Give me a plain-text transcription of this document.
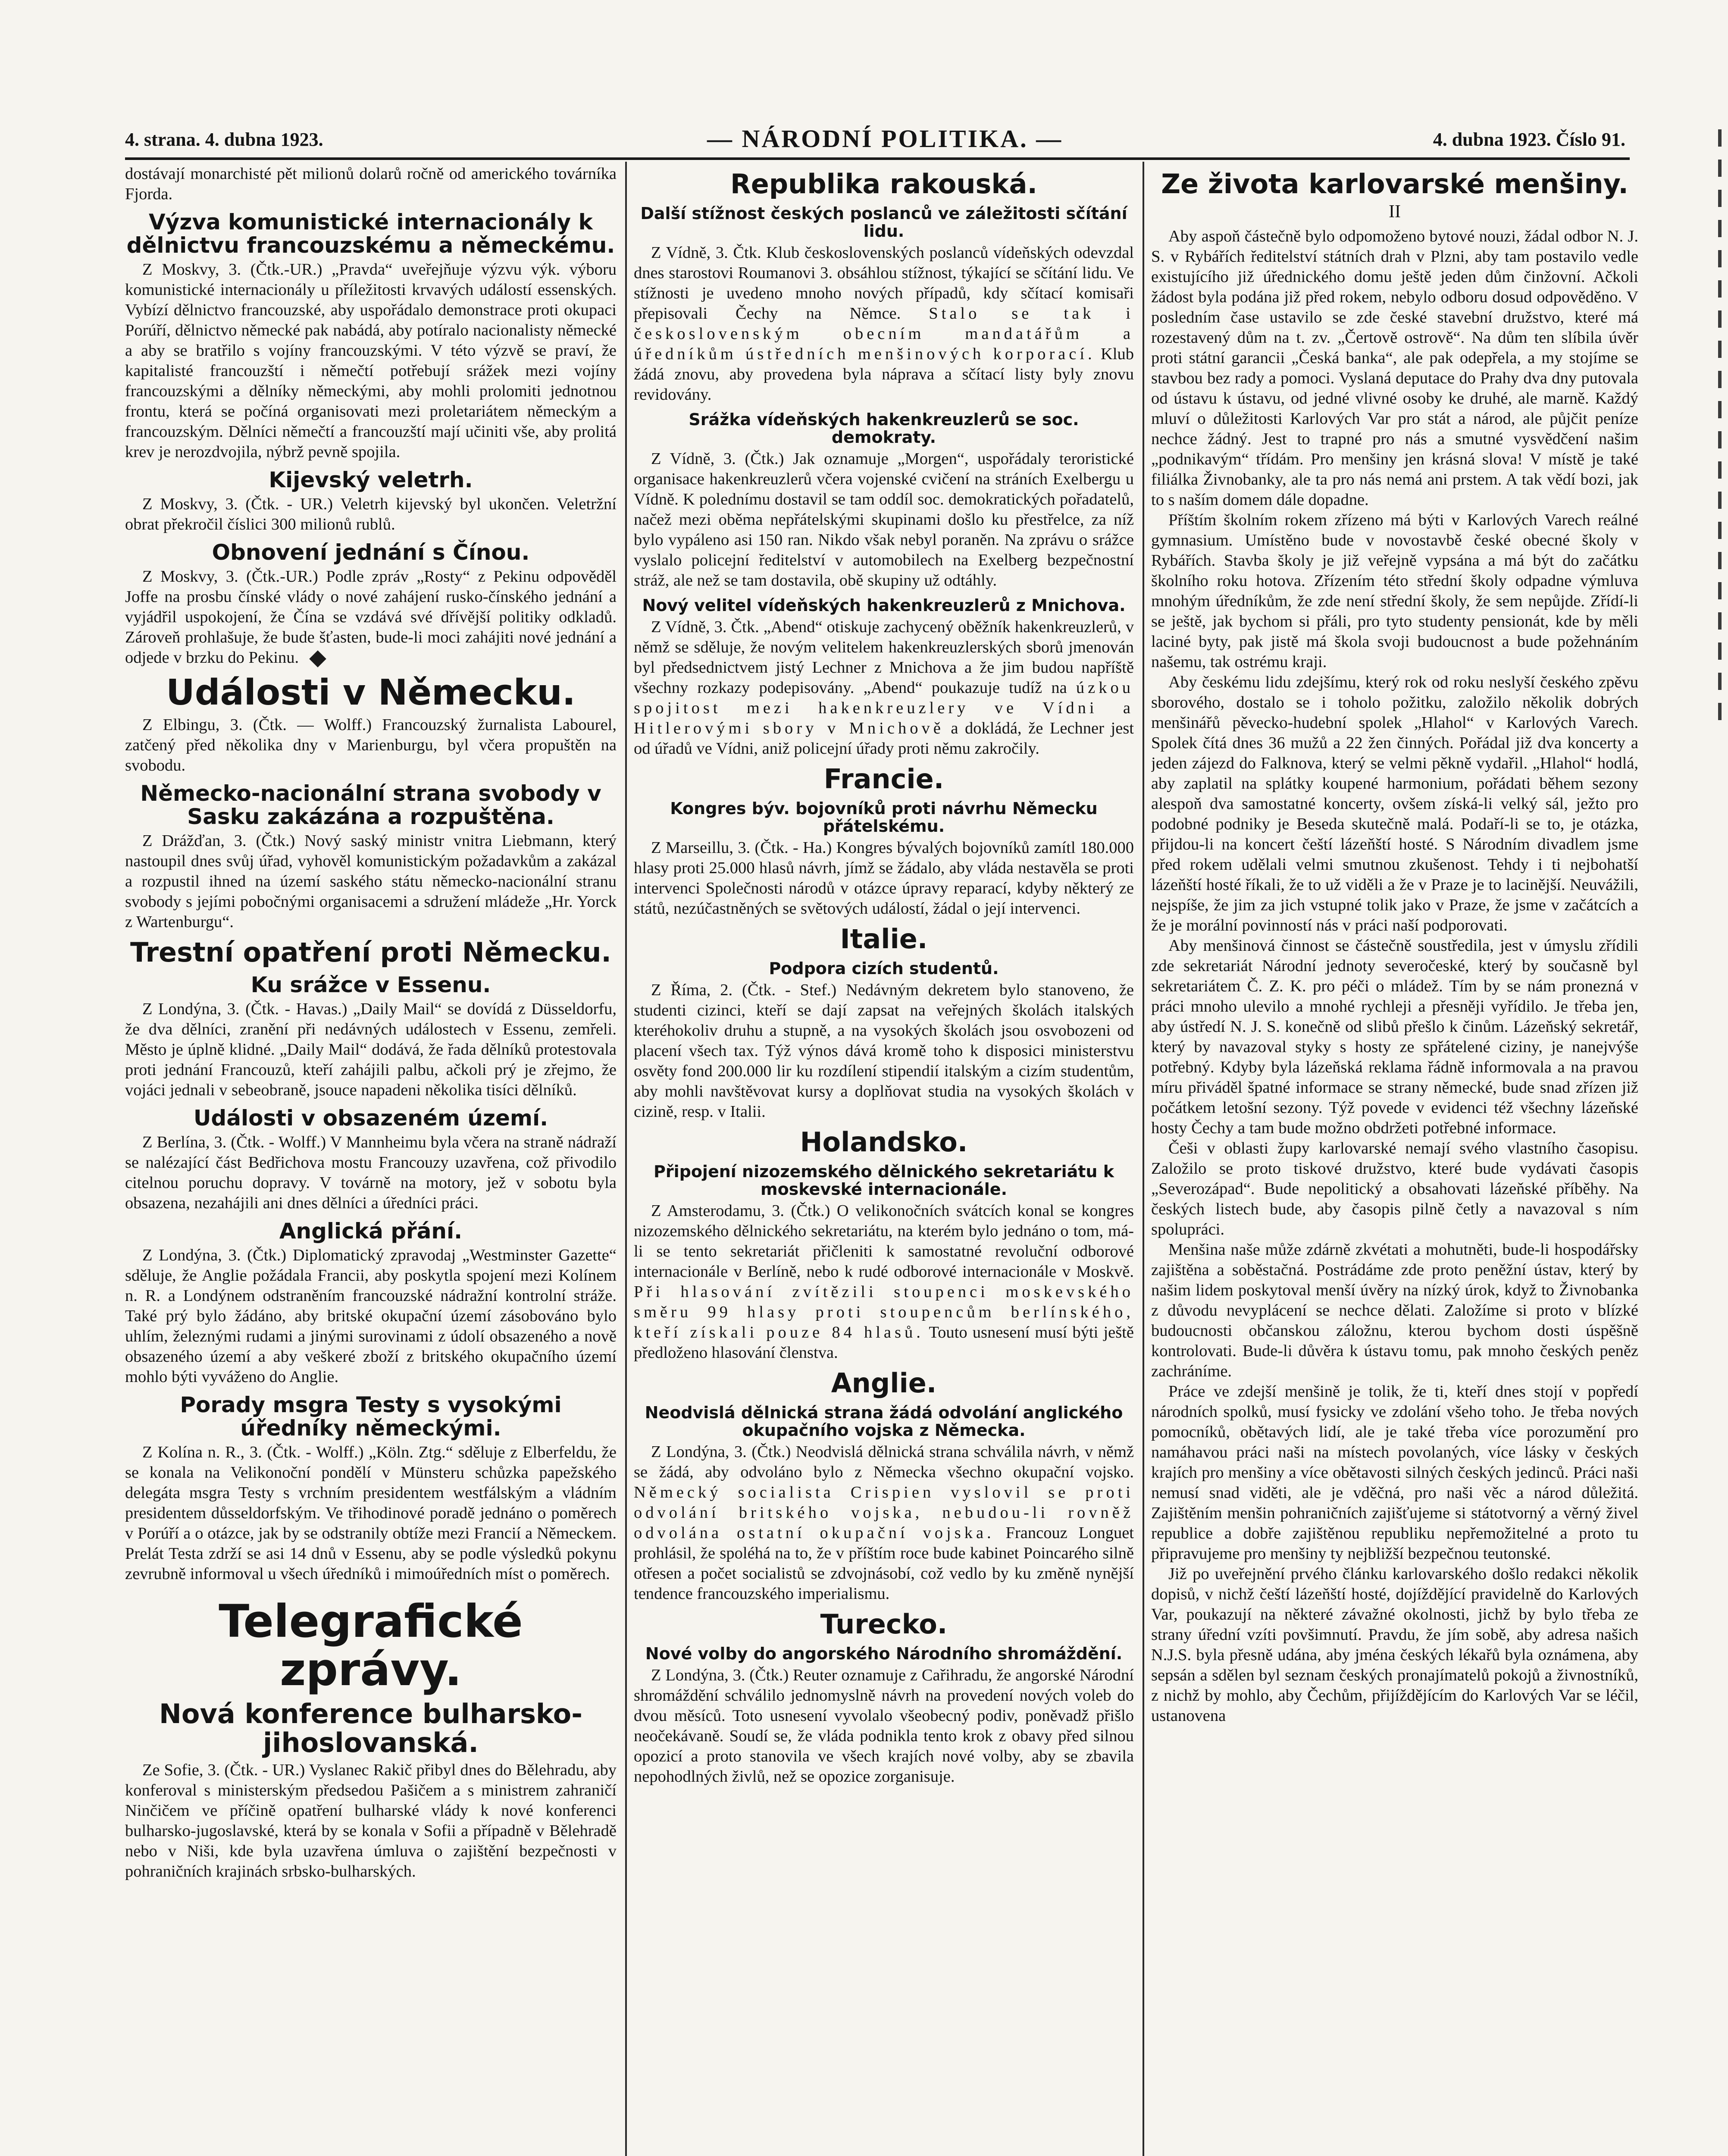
4. strana. 4. dubna 1923.	— NÁRODNÍ POLITIKA. —	4. dubna 1923. Číslo 91.

dostávají monarchisté pět milionů dolarů ročně od amerického továrníka Fjorda.

Výzva komunistické internacionály k dělnictvu francouzskému a německému.

Z Moskvy, 3. (Čtk.-UR.) „Pravda“ uveřejňuje výzvu výk. výboru komunistické internacionály u příležitosti krvavých událostí essenských. Vybízí dělnictvo francouzské, aby uspořádalo demonstrace proti okupaci Porúří, dělnictvo německé pak nabádá, aby potíralo nacionalisty německé a aby se bratřilo s vojíny francouzskými. V této výzvě se praví, že kapitalisté francouzští i němečtí potřebují srážek mezi vojíny francouzskými a dělníky německými, aby mohli prolomiti jednotnou frontu, která se počíná organisovati mezi proletariátem německým a francouzským. Dělníci němečtí a francouzští mají učiniti vše, aby prolitá krev je nerozdvojila, nýbrž pevně spojila.

Kijevský veletrh.

Z Moskvy, 3. (Čtk. - UR.) Veletrh kijevský byl ukončen. Veletržní obrat překročil číslici 300 milionů rublů.

Obnovení jednání s Čínou.

Z Moskvy, 3. (Čtk.-UR.) Podle zpráv „Rosty“ z Pekinu odpověděl Joffe na prosbu čínské vlády o nové zahájení rusko-čínského jednání a vyjádřil uspokojení, že Čína se vzdává své dřívější politiky odkladů. Zároveň prohlašuje, že bude šťasten, bude-li moci zahájiti nové jednání a odjede v brzku do Pekinu.

Události v Německu.

Z Elbingu, 3. (Čtk. — Wolff.) Francouzský žurnalista Labourel, zatčený před několika dny v Marienburgu, byl včera propuštěn na svobodu.

Německo-nacionální strana svobody v Sasku zakázána a rozpuštěna.

Z Drážďan, 3. (Čtk.) Nový saský ministr vnitra Liebmann, který nastoupil dnes svůj úřad, vyhověl komunistickým požadavkům a zakázal a rozpustil ihned na území saského státu německo-nacionální stranu svobody s jejími pobočnými organisacemi a sdružení mládeže „Hr. Yorck z Wartenburgu“.

Trestní opatření proti Německu.
Ku srážce v Essenu.

Z Londýna, 3. (Čtk. - Havas.) „Daily Mail“ se dovídá z Düsseldorfu, že dva dělníci, zranění při nedávných událostech v Essenu, zemřeli. Město je úplně klidné. „Daily Mail“ dodává, že řada dělníků protestovala proti jednání Francouzů, kteří zahájili palbu, ačkoli prý je zřejmo, že vojáci jednali v sebeobraně, jsouce napadeni několika tisíci dělníků.

Události v obsazeném území.

Z Berlína, 3. (Čtk. - Wolff.) V Mannheimu byla včera na straně nádraží se nalézající část Bedřichova mostu Francouzy uzavřena, což přivodilo citelnou poruchu dopravy. V továrně na motory, jež v sobotu byla obsazena, nezahájili ani dnes dělníci a úředníci práci.

Anglická přání.

Z Londýna, 3. (Čtk.) Diplomatický zpravodaj „Westminster Gazette“ sděluje, že Anglie požádala Francii, aby poskytla spojení mezi Kolínem n. R. a Londýnem odstraněním francouzské nádražní kontrolní stráže. Také prý bylo žádáno, aby britské okupační území zásobováno bylo uhlím, železnými rudami a jinými surovinami z údolí obsazeného a nově obsazeného území a aby veškeré zboží z britského okupačního území mohlo býti vyváženo do Anglie.

Porady msgra Testy s vysokými úředníky německými.

Z Kolína n. R., 3. (Čtk. - Wolff.) „Köln. Ztg.“ sděluje z Elberfeldu, že se konala na Velikonoční pondělí v Münsteru schůzka papežského delegáta msgra Testy s vrchním presidentem westfálským a vládním presidentem důsseldorfským. Ve třihodinové poradě jednáno o poměrech v Porúří a o otázce, jak by se odstranily obtíže mezi Francií a Německem. Prelát Testa zdrží se asi 14 dnů v Essenu, aby se podle výsledků pokynu zevrubně informoval u všech úředníků i mimoúředních míst o poměrech.

Telegrafické zprávy.
Nová konference bulharsko-jihoslovanská.

Ze Sofie, 3. (Čtk. - UR.) Vyslanec Rakič přibyl dnes do Bělehradu, aby konferoval s ministerským předsedou Pašičem a s ministrem zahraničí Ninčičem ve příčině opatření bulharské vlády k nové konferenci bulharsko-jugoslavské, která by se konala v Sofii a případně v Bělehradě nebo v Niši, kde byla uzavřena úmluva o zajištění bezpečnosti v pohraničních krajinách srbsko-bulharských.

Republika rakouská.
Další stížnost českých poslanců ve záležitosti sčítání lidu.

Z Vídně, 3. Čtk. Klub československých poslanců vídeňských odevzdal dnes starostovi Roumanovi 3. obsáhlou stížnost, týkající se sčítání lidu. Ve stížnosti je uvedeno mnoho nových případů, kdy sčítací komisaři přepisovali Čechy na Němce. Stalo se tak i československým obecním mandatářům a úředníkům ústředních menšinových korporací. Klub žádá znovu, aby provedena byla náprava a sčítací listy byly znovu revidovány.

Srážka vídeňských hakenkreuzlerů se soc. demokraty.

Z Vídně, 3. (Čtk.) Jak oznamuje „Morgen“, uspořádaly teroristické organisace hakenkreuzlerů včera vojenské cvičení na stráních Exelbergu u Vídně. K polednímu dostavil se tam oddíl soc. demokratických pořadatelů, načež mezi oběma nepřátelskými skupinami došlo ku přestřelce, za níž bylo vypáleno asi 150 ran. Nikdo však nebyl poraněn. Na zprávu o srážce vyslalo policejní ředitelství v automobilech na Exelberg bezpečnostní stráž, ale než se tam dostavila, obě skupiny už odtáhly.

Nový velitel vídeňských hakenkreuzlerů z Mnichova.

Z Vídně, 3. Čtk. „Abend“ otiskuje zachycený oběžník hakenkreuzlerů, v němž se sděluje, že novým velitelem hakenkreuzlerských sborů jmenován byl předsednictvem jistý Lechner z Mnichova a že jim budou napříště všechny rozkazy podepisovány. „Abend“ poukazuje tudíž na úzkou spojitost mezi hakenkreuzlery ve Vídni a Hitlerovými sbory v Mnichově a dokládá, že Lechner jest od úřadů ve Vídni, aniž policejní úřady proti němu zakročily.

Francie.
Kongres býv. bojovníků proti návrhu Německu přátelskému.

Z Marseillu, 3. (Čtk. - Ha.) Kongres bývalých bojovníků zamítl 180.000 hlasy proti 25.000 hlasů návrh, jímž se žádalo, aby vláda nestavěla se proti intervenci Společnosti národů v otázce úpravy reparací, kdyby některý ze států, nezúčastněných se světových událostí, žádal o její intervenci.

Italie.
Podpora cizích studentů.

Z Říma, 2. (Čtk. - Stef.) Nedávným dekretem bylo stanoveno, že studenti cizinci, kteří se dají zapsat na veřejných školách italských kteréhokoliv druhu a stupně, a na vysokých školách jsou osvobozeni od placení všech tax. Týž výnos dává kromě toho k disposici ministerstvu osvěty fond 200.000 lir ku rozdílení stipendií italským a cizím studentům, aby mohli navštěvovat kursy a doplňovat studia na vysokých školách v cizině, resp. v Italii.

Holandsko.
Připojení nizozemského dělnického sekretariátu k moskevské internacionále.

Z Amsterodamu, 3. (Čtk.) O velikonočních svátcích konal se kongres nizozemského dělnického sekretariátu, na kterém bylo jednáno o tom, má-li se tento sekretariát přičleniti k samostatné revoluční odborové internacionále v Berlíně, nebo k rudé odborové internacionále v Moskvě. Při hlasování zvítězili stoupenci moskevského směru 99 hlasy proti stoupencům berlínského, kteří získali pouze 84 hlasů. Touto usnesení musí býti ještě předloženo hlasování členstva.

Anglie.
Neodvislá dělnická strana žádá odvolání anglického okupačního vojska z Německa.

Z Londýna, 3. (Čtk.) Neodvislá dělnická strana schválila návrh, v němž se žádá, aby odvoláno bylo z Německa všechno okupační vojsko. Německý socialista Crispien vyslovil se proti odvolání britského vojska, nebudou-li rovněž odvolána ostatní okupační vojska. Francouz Longuet prohlásil, že spoléhá na to, že v příštím roce bude kabinet Poincarého silně otřesen a počet socialistů se zdvojnásobí, což vedlo by ku změně nynější tendence francouzského imperialismu.

Turecko.
Nové volby do angorského Národního shromáždění.

Z Londýna, 3. (Čtk.) Reuter oznamuje z Cařihradu, že angorské Národní shromáždění schválilo jednomyslně návrh na provedení nových voleb do dvou měsíců. Toto usnesení vyvolalo všeobecný podiv, poněvadž přišlo neočekávaně. Soudí se, že vláda podnikla tento krok z obavy před silnou opozicí a proto stanovila ve všech krajích nové volby, aby se zbavila nepohodlných živlů, než se opozice zorganisuje.

Ze života karlovarské menšiny.
II

Aby aspoň částečně bylo odpomoženo bytové nouzi, žádal odbor N. J. S. v Rybářích ředitelství státních drah v Plzni, aby tam postavilo vedle existujícího již úřednického domu ještě jeden dům činžovní. Ačkoli žádost byla podána již před rokem, nebylo odboru dosud odpověděno. V posledním čase ustavilo se zde české stavební družstvo, které má rozestavený dům na t. zv. „Čertově ostrově“. Na dům ten slíbila úvěr proti státní garancii „Česká banka“, ale pak odepřela, a my stojíme se stavbou bez rady a pomoci. Vyslaná deputace do Prahy dva dny putovala od ústavu k ústavu, od jedné vlivné osoby ke druhé, ale marně. Každý mluví o důležitosti Karlových Var pro stát a národ, ale půjčit peníze nechce žádný. Jest to trapné pro nás a smutné vysvědčení našim „podnikavým“ třídám. Pro menšiny jen krásná slova! V místě je také filiálka Živnobanky, ale ta pro nás nemá ani prstem. A tak vědí bozi, jak to s naším domem dále dopadne.

Příštím školním rokem zřízeno má býti v Karlových Varech reálné gymnasium. Umístěno bude v novostavbě české obecné školy v Rybářích. Stavba školy je již veřejně vypsána a má být do začátku školního roku hotova. Zřízením této střední školy odpadne výmluva mnohým úředníkům, že zde není střední školy, že sem nepůjde. Zřídí-li se ještě, jak bychom si přáli, pro tyto studenty pensionát, kde by měli laciné byty, pak jistě má škola svoji budoucnost a bude požehnáním našemu, tak ostrému kraji.

Aby českému lidu zdejšímu, který rok od roku neslyší českého zpěvu sborového, dostalo se i toholo požitku, založilo několik dobrých menšinářů pěvecko-hudební spolek „Hlahol“ v Karlových Varech. Spolek čítá dnes 36 mužů a 22 žen činných. Pořádal již dva koncerty a jeden zájezd do Falknova, který se velmi pěkně vydařil. „Hlahol“ hodlá, aby zaplatil na splátky koupené harmonium, pořádati během sezony alespoň dva samostatné koncerty, ovšem získá-li velký sál, ježto pro podobné podniky je Beseda skutečně malá. Podaří-li se to, je otázka, přijdou-li na koncert čeští lázeňští hosté. S Národním divadlem jsme před rokem udělali velmi smutnou zkušenost. Tehdy i ti nejbohatší lázeňští hosté říkali, že to už viděli a že v Praze je to lacinější. Neuvážili, nejspíše, že jim za jich vstupné tolik jako v Praze, že jsme v začátcích a že je morální povinností nás v práci naší podporovati.

Aby menšinová činnost se částečně soustředila, jest v úmyslu zřídili zde sekretariát Národní jednoty severočeské, který by současně byl sekretariátem Č. Z. K. pro péči o mládež. Tím by se nám pronezná v práci mnoho ulevilo a mnohé rychleji a přesněji vyřídilo. Je třeba jen, aby ústředí N. J. S. konečně od slibů přešlo k činům. Lázeňský sekretář, který by navazoval styky s hosty ze spřátelené ciziny, je nanejvýše potřebný. Kdyby byla lázeňská reklama řádně informovala a na pravou míru přiváděl špatné informace se strany německé, bude snad zřízen již počátkem letošní sezony. Týž povede v evidenci též všechny lázeňské hosty Čechy a tam bude možno obdržeti potřebné informace.

Češi v oblasti župy karlovarské nemají svého vlastního časopisu. Založilo se proto tiskové družstvo, které bude vydávati časopis „Severozápad“. Bude nepolitický a obsahovati lázeňské příběhy. Na českých listech bude, aby časopis pilně četly a navazoval s ním spolupráci.

Menšina naše může zdárně zkvétati a mohutněti, bude-li hospodářsky zajištěna a soběstačná. Postrádáme zde proto peněžní ústav, který by našim lidem poskytoval menší úvěry na nízký úrok, když to Živnobanka z důvodu nevyplácení se nechce dělati. Založíme si proto v blízké budoucnosti občanskou záložnu, kterou bychom dosti úspěšně kontrolovati. Bude-li důvěra k ústavu tomu, pak mnoho českých peněz zachráníme.

Práce ve zdejší menšině je tolik, že ti, kteří dnes stojí v popředí národních spolků, musí fysicky ve zdolání všeho toho. Je třeba nových pomocníků, obětavých lidí, ale je také třeba více porozumění pro namáhavou práci naši na místech povolaných, více lásky v českých krajích pro menšiny a více obětavosti silných českých jedinců. Práci naši nemusí snad viděti, ale je vděčná, pro naši věc a národ důležitá. Zajištěním menšin pohraničních zajišťujeme si státotvorný a věrný živel republice a dobře zajištěnou republiku nepřemožitelné a proto tu připravujeme pro menšiny ty nejbližší bezpečnou teutonské.

Již po uveřejnění prvého článku karlovarského došlo redakci několik dopisů, v nichž čeští lázeňští hosté, dojíždějící pravidelně do Karlových Var, poukazují na některé závažné okolnosti, jichž by bylo třeba ze strany úřední vzíti povšimnutí. Pravdu, že jím sobě, aby adresa našich N.J.S. byla přesně udána, aby jména českých lékařů byla oznámena, aby sepsán a sdělen byl seznam českých pronajímatelů pokojů a živnostníků, z nichž by mohlo, aby Čechům, přijíždějícím do Karlových Var se léčil, ustanovena
